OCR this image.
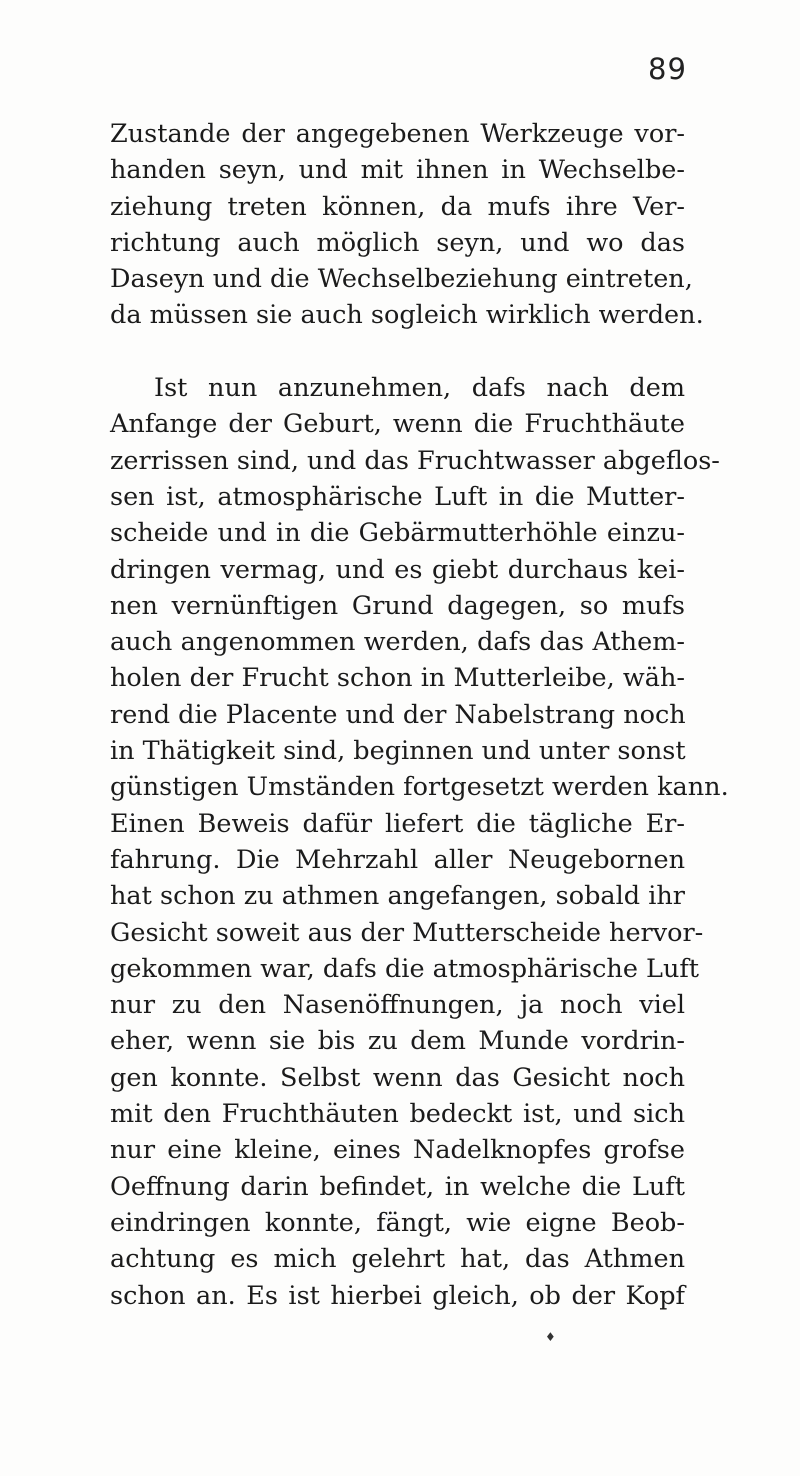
89
Zustande der angegebenen Werkzeuge vor-
handen seyn, und mit ihnen in Wechselbe-
ziehung treten können, da mufs ihre Ver-
richtung auch möglich seyn, und wo das
Daseyn und die Wechselbeziehung eintreten,
da müssen sie auch sogleich wirklich werden.
Ist nun anzunehmen, dafs nach dem
Anfange der Geburt, wenn die Fruchthäute
zerrissen sind, und das Fruchtwasser abgeflos-
sen ist, atmosphärische Luft in die Mutter-
scheide und in die Gebärmutterhöhle einzu-
dringen vermag, und es giebt durchaus kei-
nen vernünftigen Grund dagegen, so mufs
auch angenommen werden, dafs das Athem-
holen der Frucht schon in Mutterleibe, wäh-
rend die Placente und der Nabelstrang noch
in Thätigkeit sind, beginnen und unter sonst
günstigen Umständen fortgesetzt werden kann.
Einen Beweis dafür liefert die tägliche Er-
fahrung. Die Mehrzahl aller Neugebornen
hat schon zu athmen angefangen, sobald ihr
Gesicht soweit aus der Mutterscheide hervor-
gekommen war, dafs die atmosphärische Luft
nur zu den Nasenöffnungen, ja noch viel
eher, wenn sie bis zu dem Munde vordrin-
gen konnte. Selbst wenn das Gesicht noch
mit den Fruchthäuten bedeckt ist, und sich
nur eine kleine, eines Nadelknopfes grofse
Oeffnung darin befindet, in welche die Luft
eindringen konnte, fängt, wie eigne Beob-
achtung es mich gelehrt hat, das Athmen
schon an. Es ist hierbei gleich, ob der Kopf
♦
